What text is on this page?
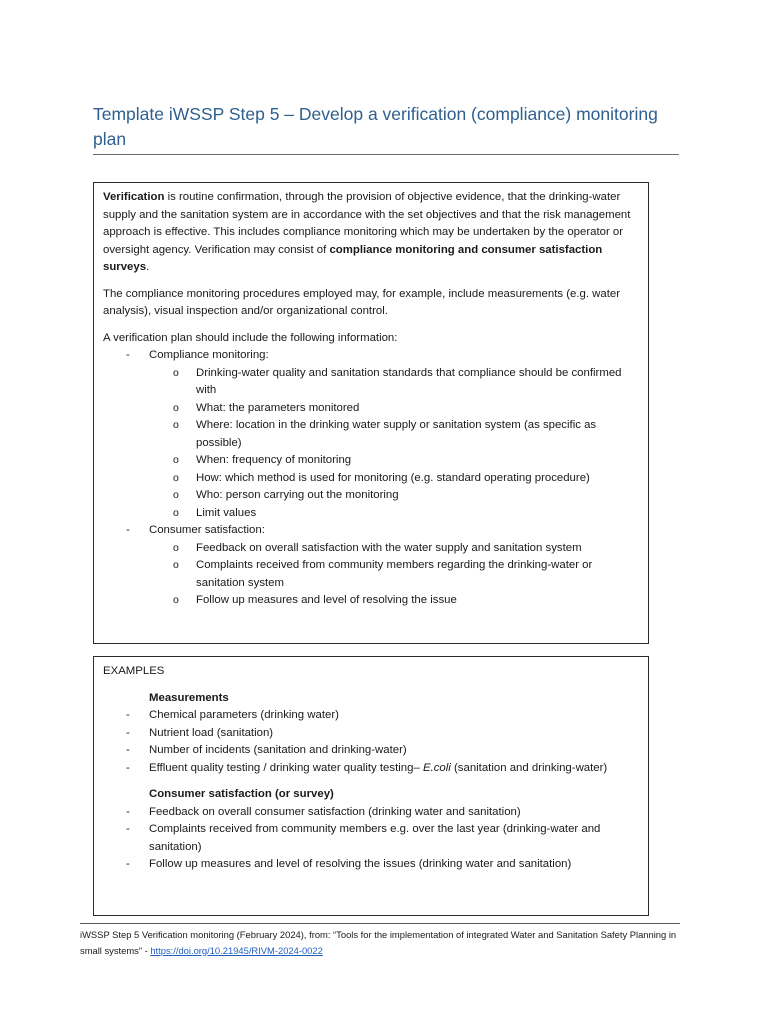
Template iWSSP Step 5 – Develop a verification (compliance) monitoring plan

Verification is routine confirmation, through the provision of objective evidence, that the drinking-water supply and the sanitation system are in accordance with the set objectives and that the risk management approach is effective. This includes compliance monitoring which may be undertaken by the operator or oversight agency. Verification may consist of compliance monitoring and consumer satisfaction surveys.

The compliance monitoring procedures employed may, for example, include measurements (e.g. water analysis), visual inspection and/or organizational control.

A verification plan should include the following information:

- Compliance monitoring:
o Drinking-water quality and sanitation standards that compliance should be confirmed with
o What: the parameters monitored
o Where: location in the drinking water supply or sanitation system (as specific as possible)
o When: frequency of monitoring
o How: which method is used for monitoring (e.g. standard operating procedure)
o Who: person carrying out the monitoring
o Limit values
- Consumer satisfaction:
o Feedback on overall satisfaction with the water supply and sanitation system
o Complaints received from community members regarding the drinking-water or sanitation system
o Follow up measures and level of resolving the issue

EXAMPLES

Measurements

- Chemical parameters (drinking water)
- Nutrient load (sanitation)
- Number of incidents (sanitation and drinking-water)
- Effluent quality testing / drinking water quality testing– E.coli (sanitation and drinking-water)

Consumer satisfaction (or survey)

- Feedback on overall consumer satisfaction (drinking water and sanitation)
- Complaints received from community members e.g. over the last year (drinking-water and sanitation)
- Follow up measures and level of resolving the issues (drinking water and sanitation)
iWSSP Step 5 Verification monitoring (February 2024), from: “Tools for the implementation of integrated Water and Sanitation Safety Planning in small systems” - https://doi.org/10.21945/RIVM-2024-0022
